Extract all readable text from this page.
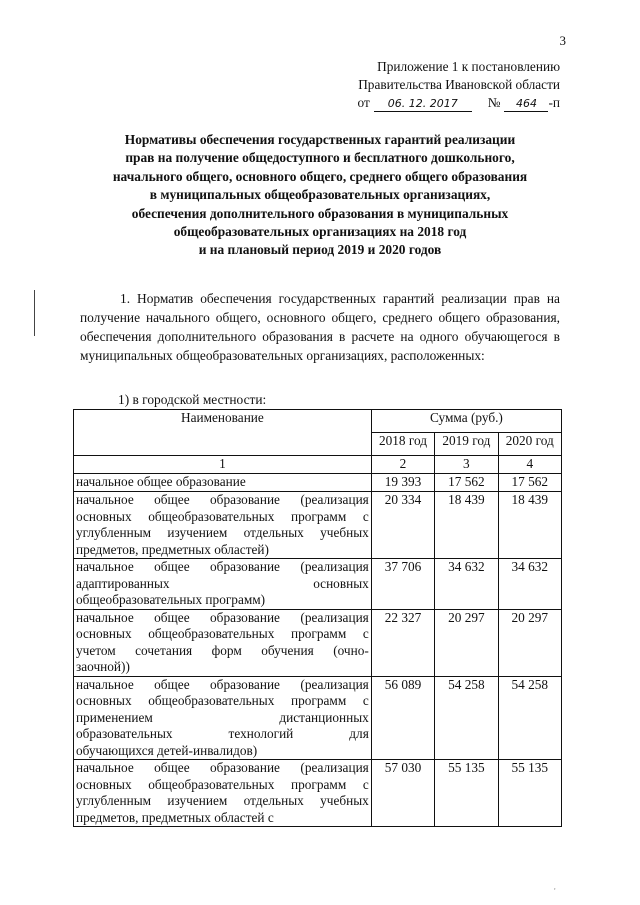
3
Приложение 1 к постановлению
Правительства Ивановской области
от	06. 12. 2017	№	464 -п
Нормативы обеспечения государственных гарантий реализации
прав на получение общедоступного и бесплатного дошкольного,
начального общего, основного общего, среднего общего образования
в муниципальных общеобразовательных организациях,
обеспечения дополнительного образования в муниципальных
общеобразовательных организациях на 2018 год
и на плановый период 2019 и 2020 годов

1. Норматив обеспечения государственных гарантий реализации прав на получение начального общего, основного общего, среднего общего образования, обеспечения дополнительного образования в расчете на одного обучающегося в муниципальных общеобразовательных организациях, расположенных:

1) в городской местности:
Наименование	Сумма (руб.)		
	2018 год	2019 год	2020 год
1	2	3	4

начальное общее образование	19 393	17 562	17 562

начальное общее образование (реализация
основных общеобразовательных программ с
углубленным изучением отдельных учебных
предметов, предметных областей)	20 334	18 439	18 439

начальное общее образование (реализация
адаптированных основных
общеобразовательных программ)	37 706	34 632	34 632

начальное общее образование (реализация
основных общеобразовательных программ с
учетом сочетания форм обучения (очно-
заочной))	22 327	20 297	20 297

начальное общее образование (реализация
основных общеобразовательных программ с
применением дистанционных
образовательных технологий для
обучающихся детей-инвалидов)	56 089	54 258	54 258

начальное общее образование (реализация
основных общеобразовательных программ с
углубленным изучением отдельных учебных
предметов, предметных областей с	57 030	55 135	55 135
·
